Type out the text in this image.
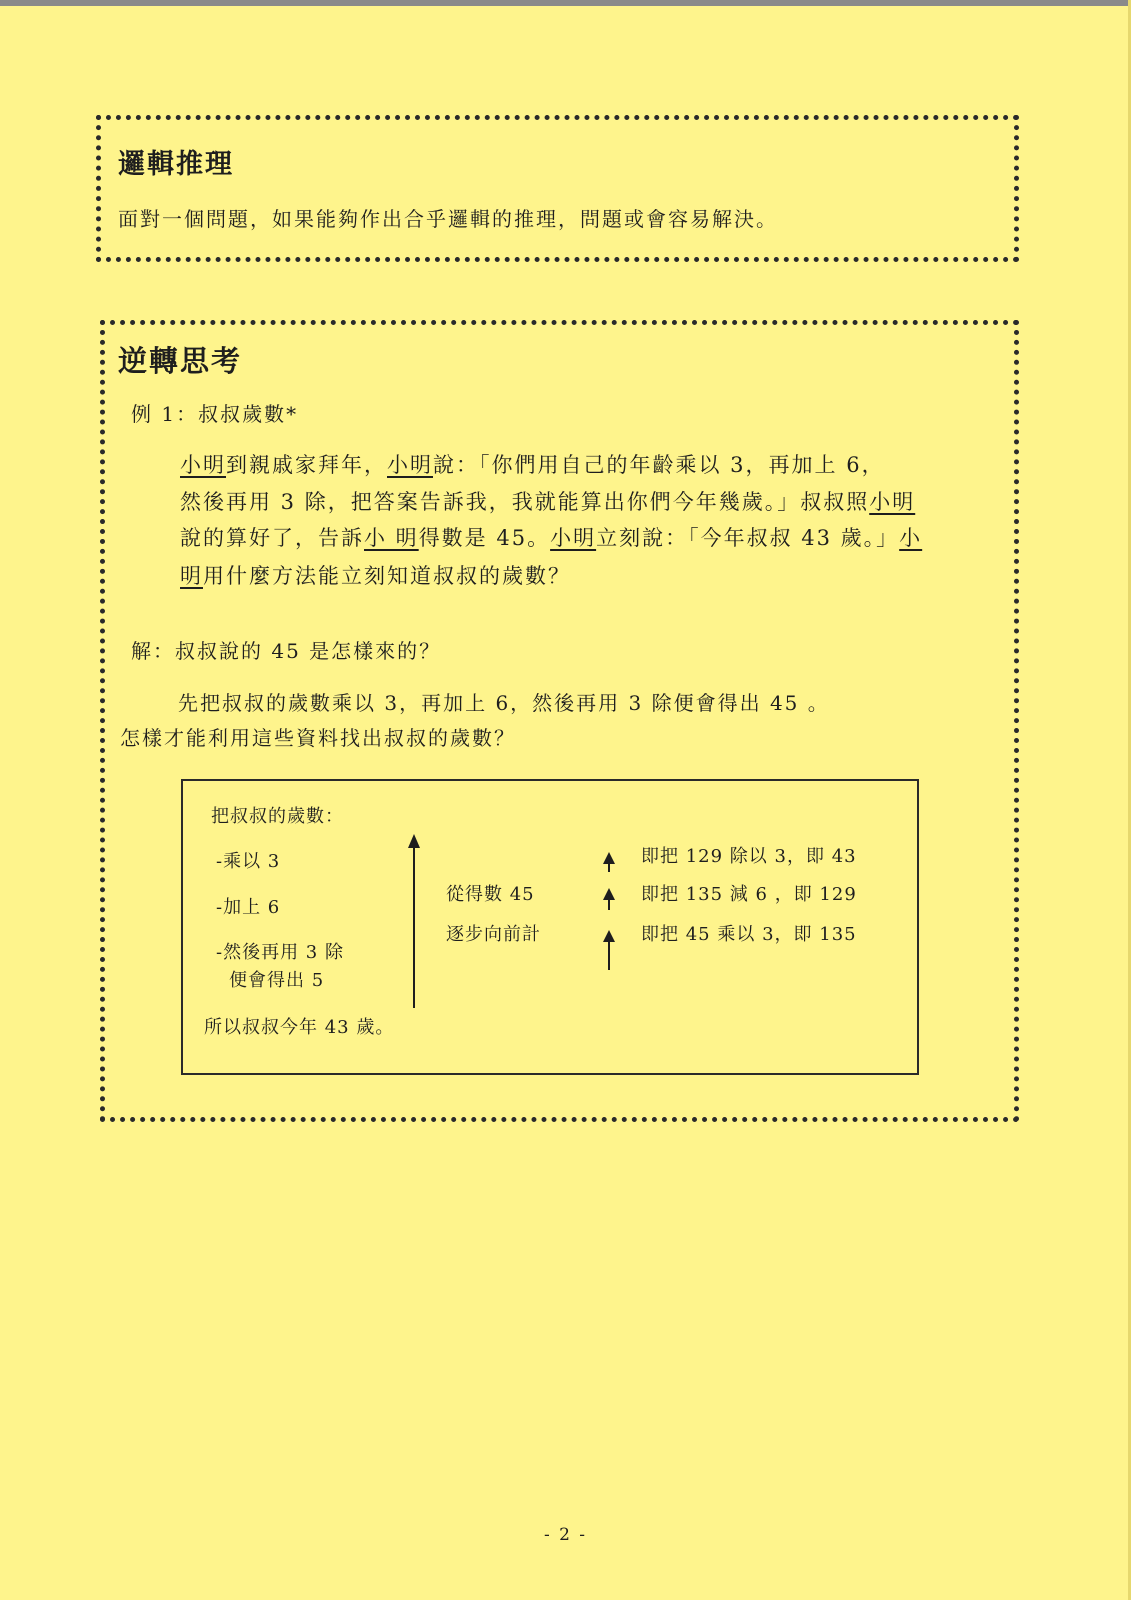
邏輯推理
面對一個問題，如果能夠作出合乎邏輯的推理，問題或會容易解決。
逆轉思考
例 1：叔叔歲數*
小明到親戚家拜年，小明說：「你們用自己的年齡乘以 3，再加上 6，
然後再用 3 除，把答案告訴我，我就能算出你們今年幾歲。」叔叔照小明
說的算好了，告訴小 明得數是 45。小明立刻說：「今年叔叔 43 歲。」小
明用什麼方法能立刻知道叔叔的歲數？
解：叔叔說的 45 是怎樣來的？
先把叔叔的歲數乘以 3，再加上 6，然後再用 3 除便會得出 45 。
怎樣才能利用這些資料找出叔叔的歲數？
把叔叔的歲數：
-乘以 3
-加上 6
-然後再用 3 除
便會得出 5
所以叔叔今年 43 歲。
從得數 45
逐步向前計
即把 129 除以 3，即 43
即把 135 減 6 ，即 129
即把 45 乘以 3，即 135
- 2 -
